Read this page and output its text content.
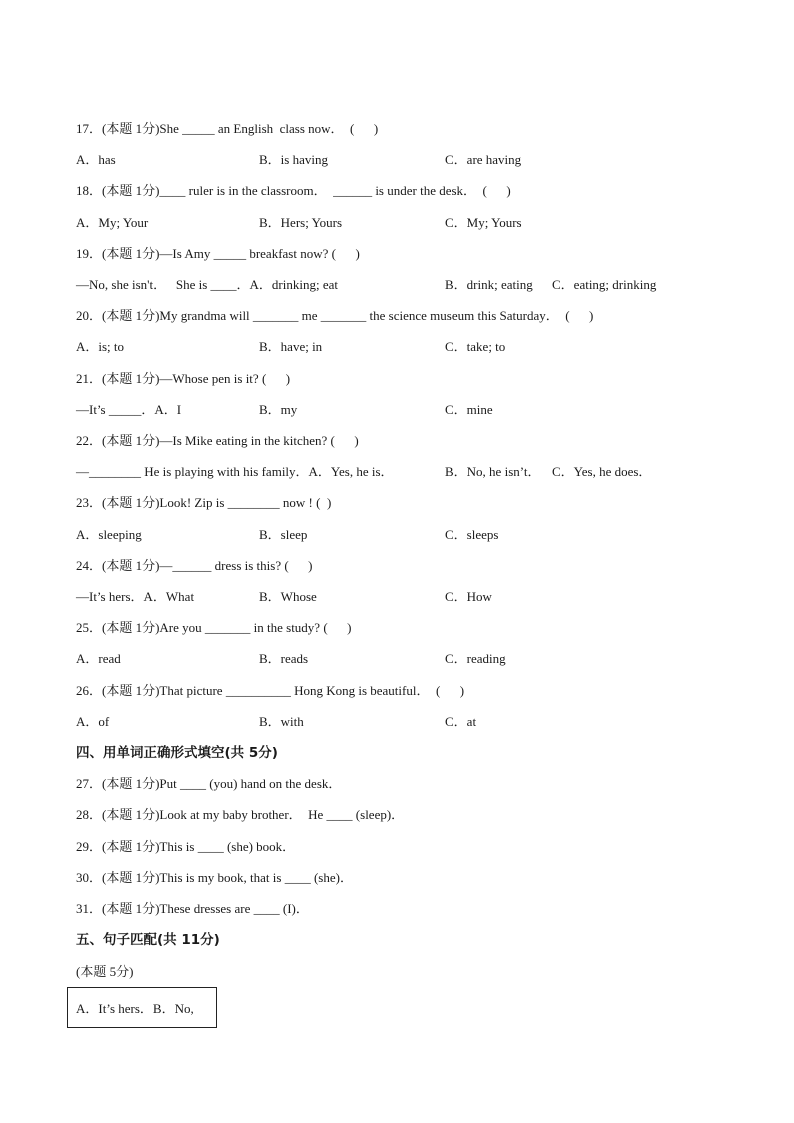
17．(本题 1分)She _____ an English  class now．  (      )
A．has	B．is having	C．are having
18．(本题 1分)____ ruler is in the classroom．  ______ is under the desk．  (      )
A．My; Your	B．Hers; Yours	C．My; Yours
19．(本题 1分)—Is Amy _____ breakfast now? (      )
—No, she isn't．   She is ____．A．drinking; eat	B．drink; eating C．eating; drinking
20．(本题 1分)My grandma will _______ me _______ the science museum this Saturday．  (      )
A．is; to	B．have; in	C．take; to
21．(本题 1分)—Whose pen is it? (      )
—It’s _____．A．I	B．my	C．mine
22．(本题 1分)—Is Mike eating in the kitchen? (      )
—________ He is playing with his family．A．Yes, he is．	B．No, he isn’t． C．Yes, he does．
23．(本题 1分)Look! Zip is ________ now ! (  )
A．sleeping	B．sleep	C．sleeps
24．(本题 1分)—______ dress is this? (      )
—It’s hers．A．What	B．Whose	C．How
25．(本题 1分)Are you _______ in the study? (      )
A．read	B．reads	C．reading
26．(本题 1分)That picture __________ Hong Kong is beautiful．  (      )
A．of	B．with	C．at
四、用单词正确形式填空(共 5分)
27．(本题 1分)Put ____ (you) hand on the desk．
28．(本题 1分)Look at my baby brother．  He ____ (sleep)．
29．(本题 1分)This is ____ (she) book．
30．(本题 1分)This is my book, that is ____ (she)．
31．(本题 1分)These dresses are ____ (I)．
五、句子匹配(共 11分)
(本题 5分)
A．It’s hers．B．No,
